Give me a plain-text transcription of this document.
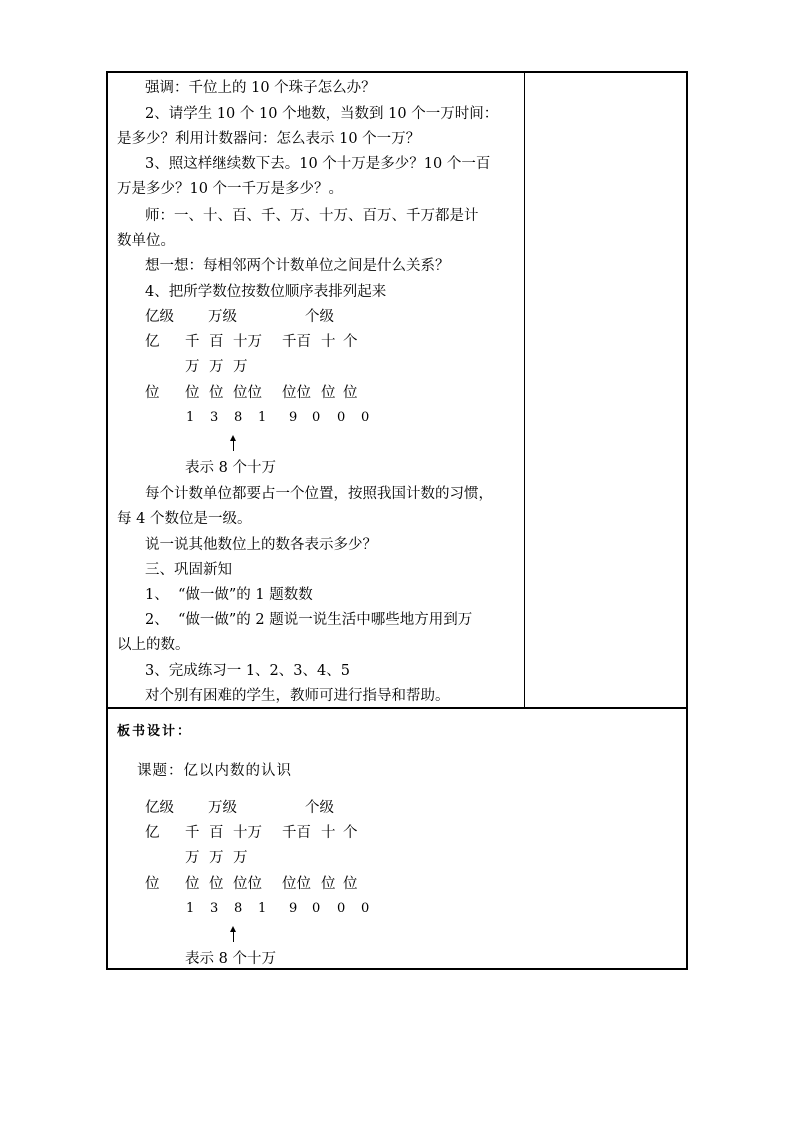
强调：千位上的 10 个珠子怎么办？
2、请学生 10 个 10 个地数，当数到 10 个一万时间：
是多少？利用计数器问：怎么表示 10 个一万？
3、照这样继续数下去。10 个十万是多少？10 个一百
万是多少？10 个一千万是多少？。
师：一、十、百、千、万、十万、百万、千万都是计
数单位。
想一想：每相邻两个计数单位之间是什么关系？
4、把所学数位按数位顺序表排列起来
亿级 万级	个级
亿 千 百 十万 千百 十 个
万 万 万
位 位 位 位位 位位 位 位
1 3 8 1 9 0 0 0
表示 8 个十万
每个计数单位都要占一个位置，按照我国计数的习惯，
每 4 个数位是一级。
说一说其他数位上的数各表示多少？
三、巩固新知
1、  “做一做”的 1 题数数
2、  “做一做”的 2 题说一说生活中哪些地方用到万
以上的数。
3、完成练习一 1、2、3、4、5
对个别有困难的学生，教师可进行指导和帮助。
板书设计：
课题：亿以内数的认识
亿级 万级	个级
亿 千 百 十万 千百 十 个
万 万 万
位 位 位 位位 位位 位 位
1 3 8 1 9 0 0 0
表示 8 个十万
